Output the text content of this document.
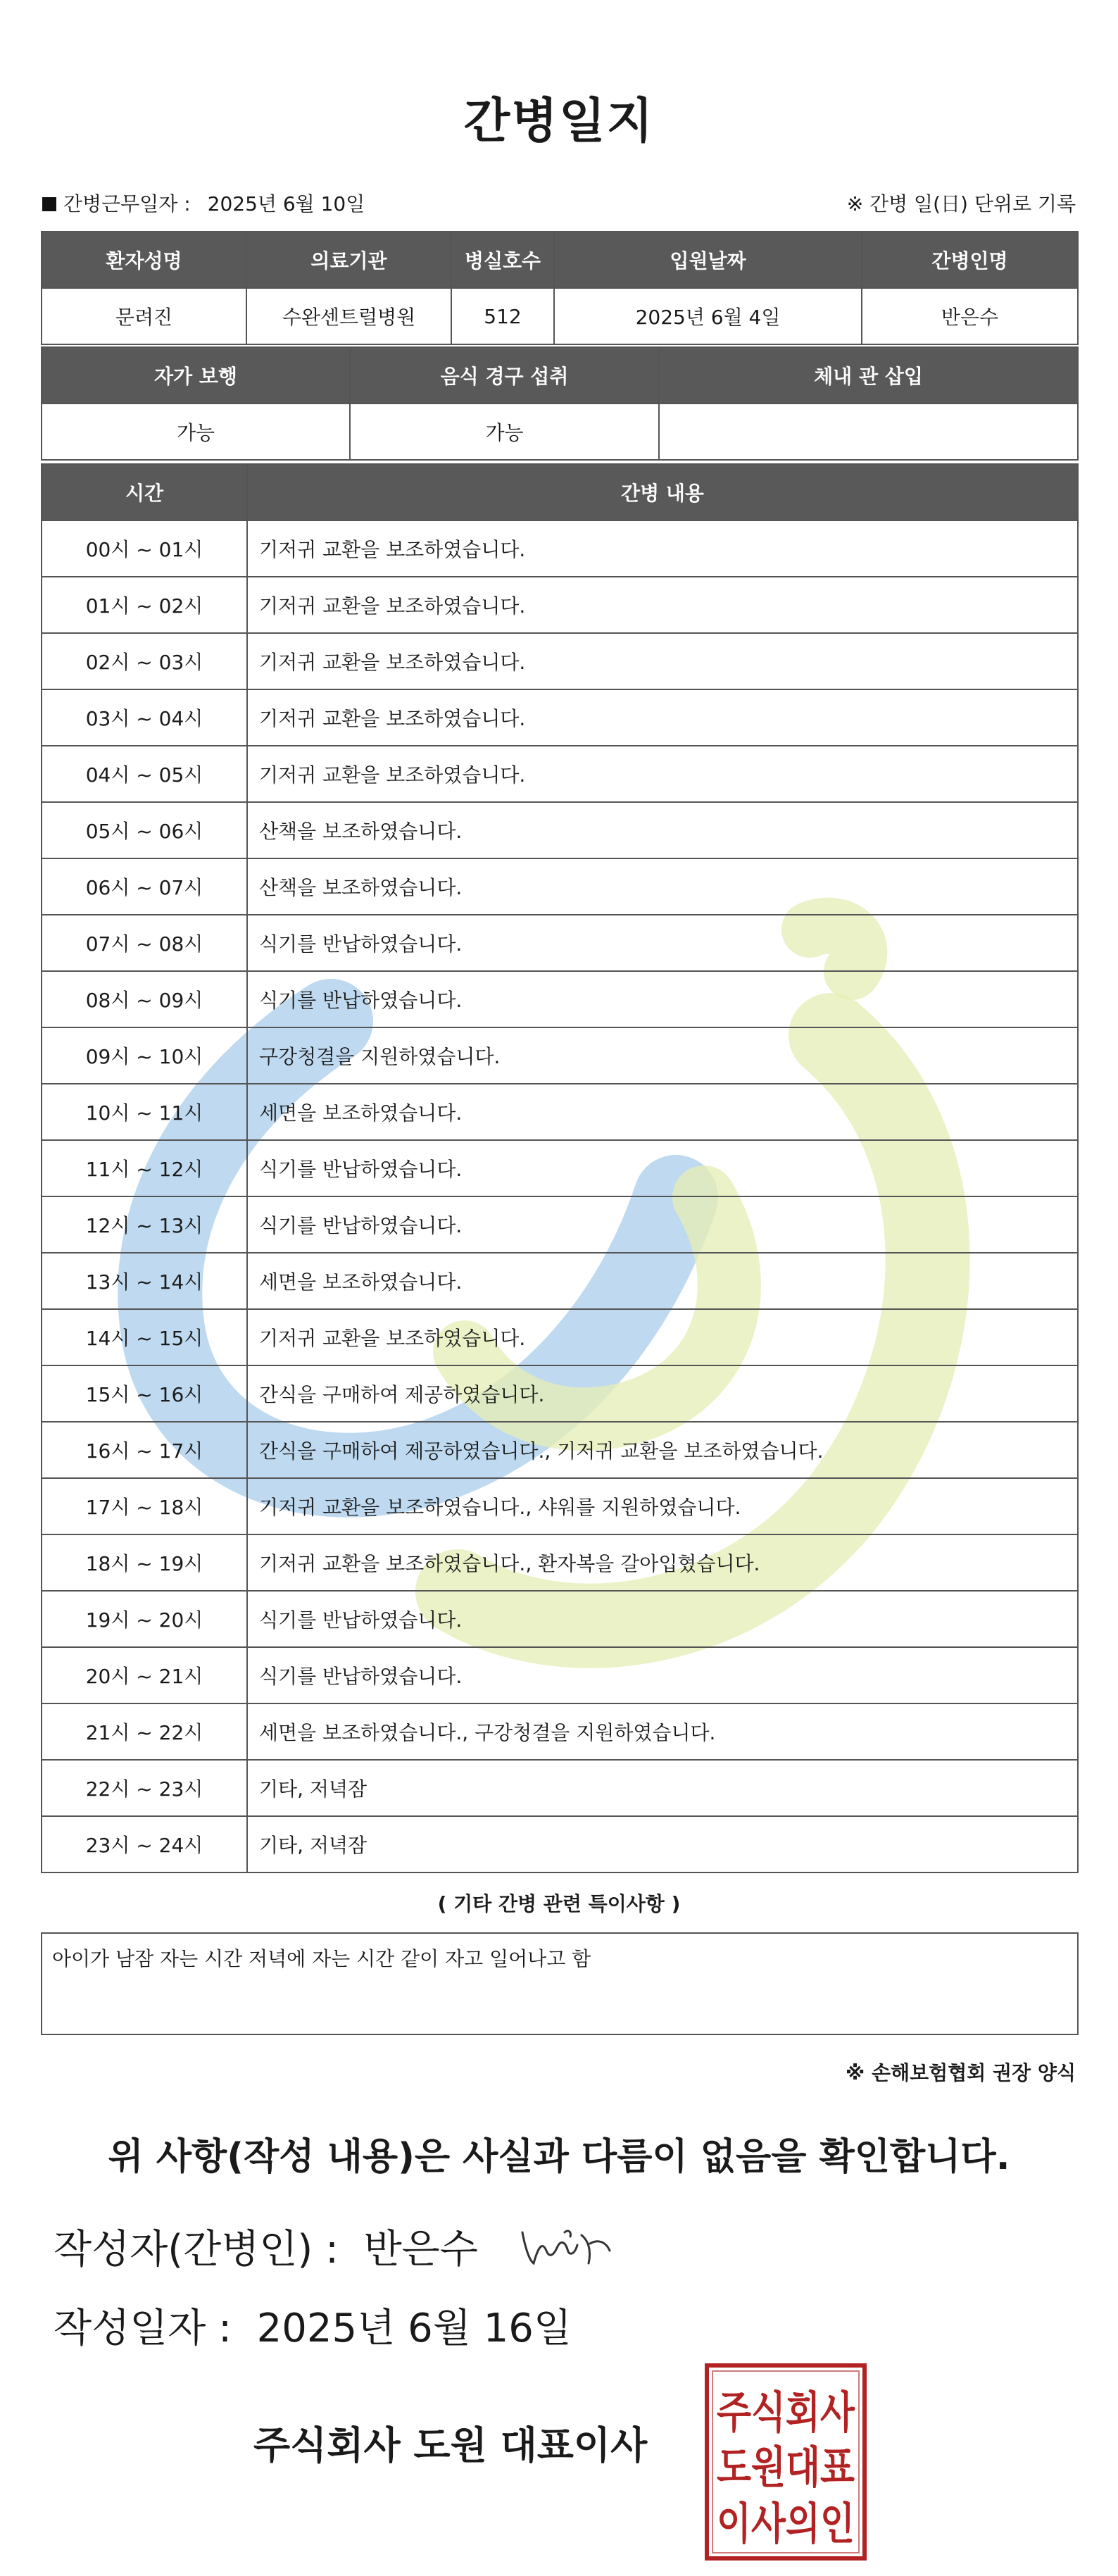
간병일지
간병근무일자 : 2025년 6월 10일	※ 간병 일(日) 단위로 기록
환자성명	의료기관	병실호수	입원날짜	간병인명
문려진	수완센트럴병원	512	2025년 6월 4일	반은수
자가 보행	음식 경구 섭취	체내 관 삽입
가능	가능	
시간	간병 내용
00시 ~ 01시	기저귀 교환을 보조하였습니다.
01시 ~ 02시	기저귀 교환을 보조하였습니다.
02시 ~ 03시	기저귀 교환을 보조하였습니다.
03시 ~ 04시	기저귀 교환을 보조하였습니다.
04시 ~ 05시	기저귀 교환을 보조하였습니다.
05시 ~ 06시	산책을 보조하였습니다.
06시 ~ 07시	산책을 보조하였습니다.
07시 ~ 08시	식기를 반납하였습니다.
08시 ~ 09시	식기를 반납하였습니다.
09시 ~ 10시	구강청결을 지원하였습니다.
10시 ~ 11시	세면을 보조하였습니다.
11시 ~ 12시	식기를 반납하였습니다.
12시 ~ 13시	식기를 반납하였습니다.
13시 ~ 14시	세면을 보조하였습니다.
14시 ~ 15시	기저귀 교환을 보조하였습니다.
15시 ~ 16시	간식을 구매하여 제공하였습니다.
16시 ~ 17시	간식을 구매하여 제공하였습니다., 기저귀 교환을 보조하였습니다.
17시 ~ 18시	기저귀 교환을 보조하였습니다., 샤워를 지원하였습니다.
18시 ~ 19시	기저귀 교환을 보조하였습니다., 환자복을 갈아입혔습니다.
19시 ~ 20시	식기를 반납하였습니다.
20시 ~ 21시	식기를 반납하였습니다.
21시 ~ 22시	세면을 보조하였습니다., 구강청결을 지원하였습니다.
22시 ~ 23시	기타, 저녁잠
23시 ~ 24시	기타, 저녁잠
( 기타 간병 관련 특이사항 )
아이가 남잠 자는 시간 저녁에 자는 시간 같이 자고 일어나고 함
※ 손해보험협회 권장 양식
위 사항(작성 내용)은 사실과 다름이 없음을 확인합니다.
작성자(간병인) : 반은수
작성일자 : 2025년 6월 16일
주식회사 도원 대표이사
주식회사
도원대표
이사의인
